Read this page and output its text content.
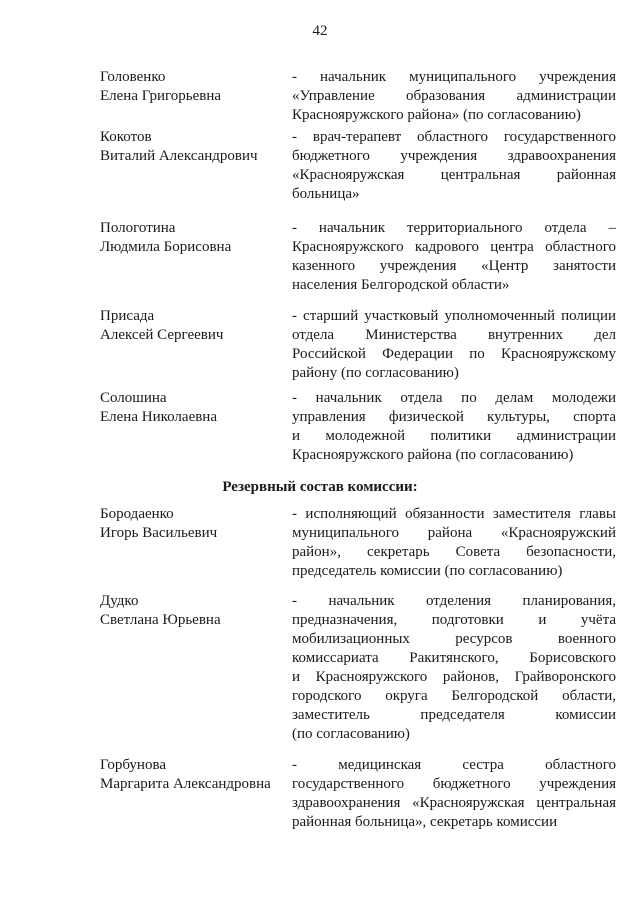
42
Головенко
Елена Григорьевна
- начальник муниципального учреждения
«Управление образования администрации
Краснояружского района» (по согласованию)
Кокотов
Виталий Александрович
- врач-терапевт областного государственного
бюджетного учреждения здравоохранения
«Краснояружская центральная районная
больница»
Пологотина
Людмила Борисовна
- начальник территориального отдела –
Краснояружского кадрового центра областного
казенного учреждения «Центр занятости
населения Белгородской области»
Присада
Алексей Сергеевич
- старший участковый уполномоченный полиции
отдела Министерства внутренних дел
Российской Федерации по Краснояружскому
району (по согласованию)
Солошина
Елена Николаевна
- начальник отдела по делам молодежи
управления физической культуры, спорта
и молодежной политики администрации
Краснояружского района (по согласованию)
Резервный состав комиссии:
Бородаенко
Игорь Васильевич
- исполняющий обязанности заместителя главы
муниципального района «Краснояружский
район», секретарь Совета безопасности,
председатель комиссии (по согласованию)
Дудко
Светлана Юрьевна
- начальник отделения планирования,
предназначения, подготовки и учёта
мобилизационных ресурсов военного
комиссариата Ракитянского, Борисовского
и Краснояружского районов, Грайворонского
городского округа Белгородской области,
заместитель председателя комиссии
(по согласованию)
Горбунова
Маргарита Александровна
- медицинская сестра областного
государственного бюджетного учреждения
здравоохранения «Краснояружская центральная
районная больница», секретарь комиссии
